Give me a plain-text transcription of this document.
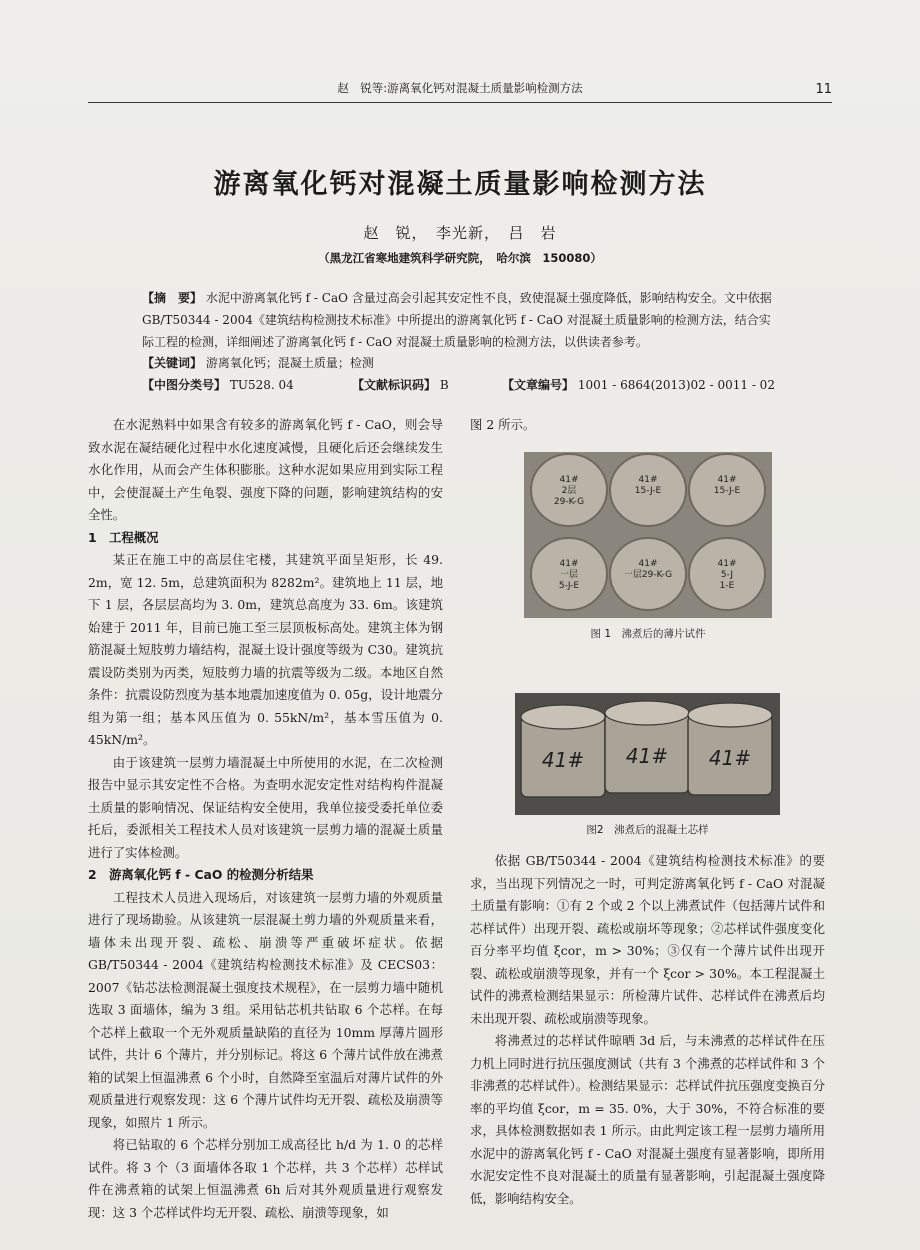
赵　锐等:游离氧化钙对混凝土质量影响检测方法	11
游离氧化钙对混凝土质量影响检测方法
赵　锐，　李光新，　吕　岩
（黑龙江省寒地建筑科学研究院，　哈尔滨　150080）
【摘　要】 水泥中游离氧化钙 f - CaO 含量过高会引起其安定性不良，致使混凝土强度降低，影响结构安全。文中依据 GB/T50344 - 2004《建筑结构检测技术标准》中所提出的游离氧化钙 f - CaO 对混凝土质量影响的检测方法，结合实际工程的检测，详细阐述了游离氧化钙 f - CaO 对混凝土质量影响的检测方法，以供读者参考。
【关键词】 游离氧化钙；混凝土质量；检测
【中图分类号】 TU528. 04	【文献标识码】 B	【文章编号】 1001 - 6864(2013)02 - 0011 - 02

在水泥熟料中如果含有较多的游离氧化钙 f - CaO，则会导致水泥在凝结硬化过程中水化速度减慢，且硬化后还会继续发生水化作用，从而会产生体积膨胀。这种水泥如果应用到实际工程中，会使混凝土产生龟裂、强度下降的问题，影响建筑结构的安全性。

1　工程概况

某正在施工中的高层住宅楼，其建筑平面呈矩形，长 49. 2m，宽 12. 5m，总建筑面积为 8282m²。建筑地上 11 层，地下 1 层，各层层高均为 3. 0m，建筑总高度为 33. 6m。该建筑始建于 2011 年，目前已施工至三层顶板标高处。建筑主体为钢筋混凝土短肢剪力墙结构，混凝土设计强度等级为 C30。建筑抗震设防类别为丙类，短肢剪力墙的抗震等级为二级。本地区自然条件：抗震设防烈度为基本地震加速度值为 0. 05g，设计地震分组为第一组；基本风压值为 0. 55kN/m²，基本雪压值为 0. 45kN/m²。

由于该建筑一层剪力墙混凝土中所使用的水泥，在二次检测报告中显示其安定性不合格。为查明水泥安定性对结构构件混凝土质量的影响情况、保证结构安全使用，我单位接受委托单位委托后，委派相关工程技术人员对该建筑一层剪力墙的混凝土质量进行了实体检测。

2　游离氧化钙 f - CaO 的检测分析结果

工程技术人员进入现场后，对该建筑一层剪力墙的外观质量进行了现场勘验。从该建筑一层混凝土剪力墙的外观质量来看，墙体未出现开裂、疏松、崩溃等严重破坏症状。依据 GB/T50344 - 2004《建筑结构检测技术标准》及 CECS03：2007《钻芯法检测混凝土强度技术规程》，在一层剪力墙中随机选取 3 面墙体，编为 3 组。采用钻芯机共钻取 6 个芯样。在每个芯样上截取一个无外观质量缺陷的直径为 10mm 厚薄片圆形试件，共计 6 个薄片，并分别标记。将这 6 个薄片试件放在沸煮箱的试架上恒温沸煮 6 个小时，自然降至室温后对薄片试件的外观质量进行观察发现：这 6 个薄片试件均无开裂、疏松及崩溃等现象，如照片 1 所示。

将已钻取的 6 个芯样分别加工成高径比 h/d 为 1. 0 的芯样试件。将 3 个（3 面墙体各取 1 个芯样，共 3 个芯样）芯样试件在沸煮箱的试架上恒温沸煮 6h 后对其外观质量进行观察发现：这 3 个芯样试件均无开裂、疏松、崩溃等现象，如

图 2 所示。
41# 2层 29-K-G
41# 15-J-E
41# 15-J-E
41#一层 5-J-E
41#一层29-K-G
41# 5-J 1-E
图 1　沸煮后的薄片试件
41# 41# 41#
图2　沸煮后的混凝土芯样

依据 GB/T50344 - 2004《建筑结构检测技术标准》的要求，当出现下列情况之一时，可判定游离氧化钙 f - CaO 对混凝土质量有影响：①有 2 个或 2 个以上沸煮试件（包括薄片试件和芯样试件）出现开裂、疏松或崩坏等现象；②芯样试件强度变化百分率平均值 ξcor，m > 30%；③仅有一个薄片试件出现开裂、疏松或崩溃等现象，并有一个 ξcor > 30%。本工程混凝土试件的沸煮检测结果显示：所检薄片试件、芯样试件在沸煮后均未出现开裂、疏松或崩溃等现象。

将沸煮过的芯样试件晾晒 3d 后，与未沸煮的芯样试件在压力机上同时进行抗压强度测试（共有 3 个沸煮的芯样试件和 3 个非沸煮的芯样试件）。检测结果显示：芯样试件抗压强度变换百分率的平均值 ξcor，m = 35. 0%，大于 30%，不符合标准的要求，具体检测数据如表 1 所示。由此判定该工程一层剪力墙所用水泥中的游离氧化钙 f - CaO 对混凝土强度有显著影响，即所用水泥安定性不良对混凝土的质量有显著影响，引起混凝土强度降低，影响结构安全。
